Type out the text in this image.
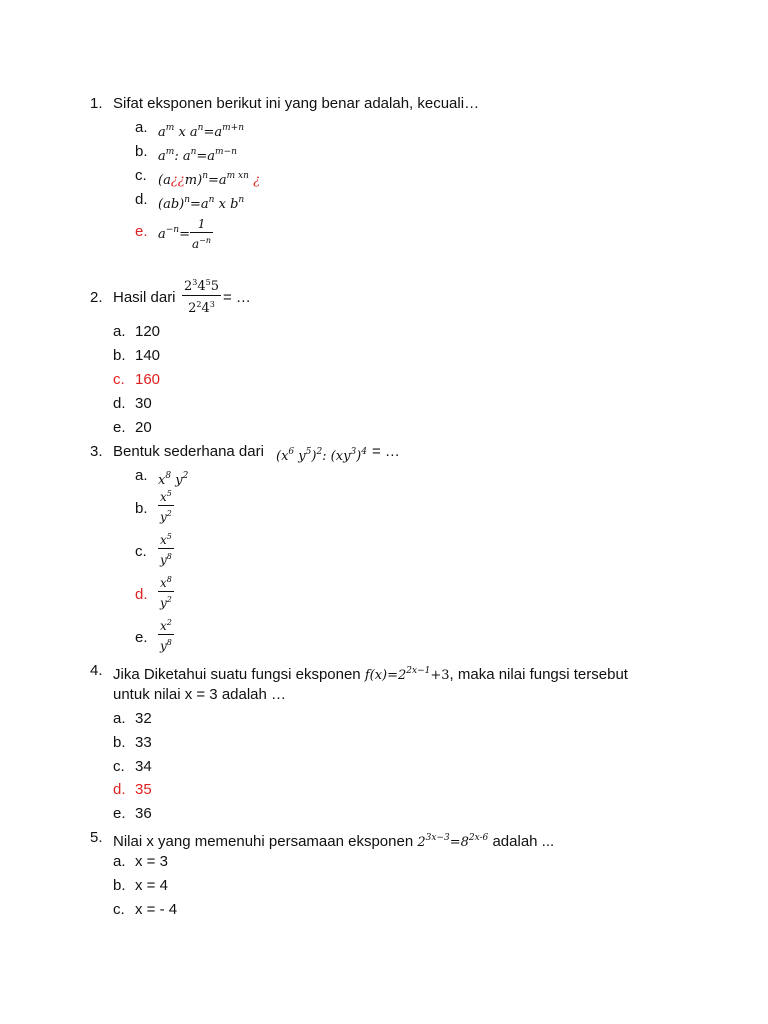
1. Sifat eksponen berikut ini yang benar adalah, kecuali…
a. $a^m$ x $a^n=a^{m+n}$
b. $a^m$: $a^n=a^{m-n}$
c. $(a¿¿m)^n=a^{m xn}$ ¿
d. $(ab)^n=a^n$ x $b^n$
e. $a^{-n}= \frac{1}{a^{-n}}$
2. Hasil dari $\frac{2^34^55}{2^24^3}$ = …
a. 120
b. 140
c. 160
d. 30
e. 20
3. Bentuk sederhana dari ($x^6$ $y^5)^2$: $(xy^3)^4$ = …
a. $x^8$ $y^2$
b. $\frac{x^5}{y^2}$
c. $\frac{x^5}{y^8}$
d. $\frac{x^8}{y^2}$
e. $\frac{x^2}{y^8}$
4. Jika Diketahui suatu fungsi eksponen $f(x)=2^{2x-1}+3$, maka nilai fungsi tersebut
untuk nilai x = 3 adalah …
a. 32
b. 33
c. 34
d. 35
e. 36
5. Nilai x yang memenuhi persamaan eksponen $2^{3x-3}=8^{2x-6}$ adalah ...
a. x = 3
b. x = 4
c. x = - 4
